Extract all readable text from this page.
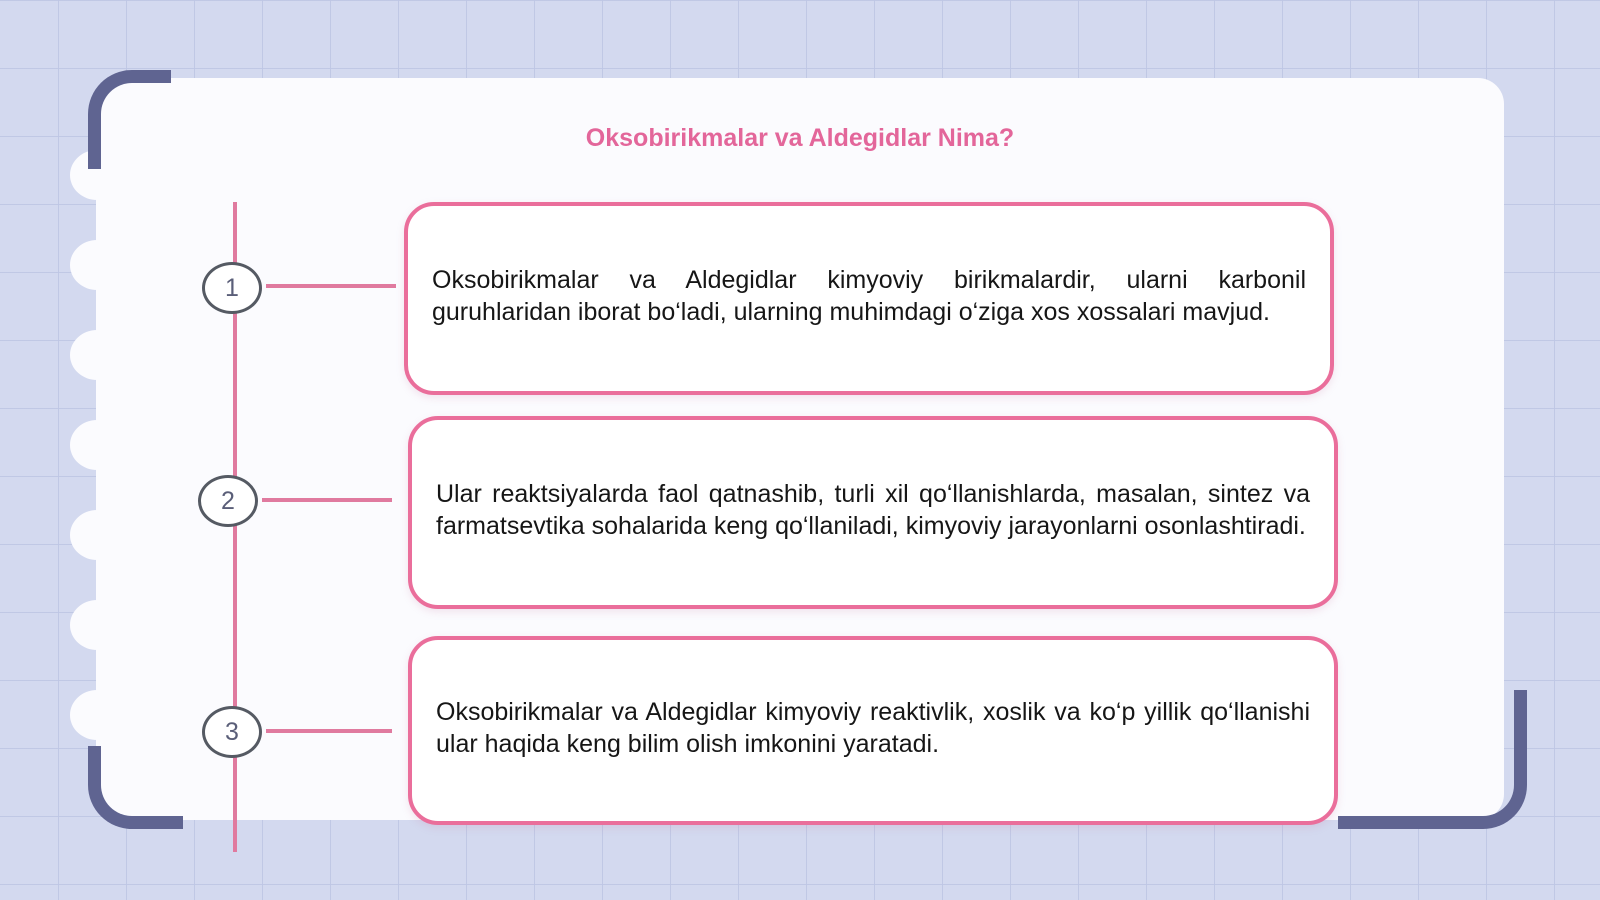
Oksobirikmalar va Aldegidlar Nima?
1
2
3
Oksobirikmalar va Aldegidlar kimyoviy birikmalardir, ularni karbonil guruhlaridan iborat bo‘ladi, ularning muhimdagi o‘ziga xos xossalari mavjud.
Ular reaktsiyalarda faol qatnashib, turli xil qo‘llanishlarda, masalan, sintez va farmatsevtika sohalarida keng qo‘llaniladi, kimyoviy jarayonlarni osonlashtiradi.
Oksobirikmalar va Aldegidlar kimyoviy reaktivlik, xoslik va ko‘p yillik qo‘llanishi ular haqida keng bilim olish imkonini yaratadi.
